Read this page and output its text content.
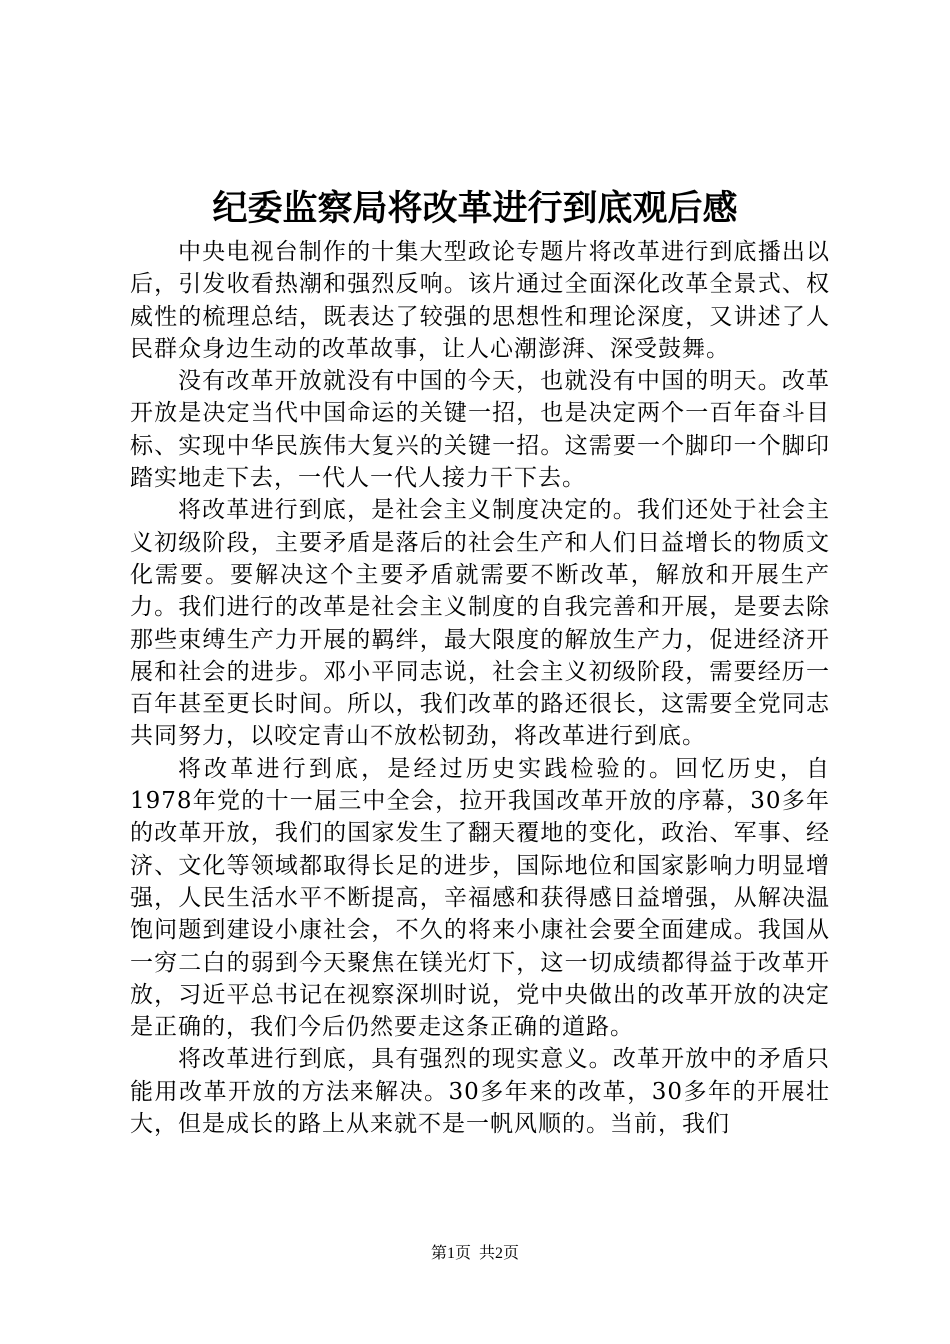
纪委监察局将改革进行到底观后感

中央电视台制作的十集大型政论专题片将改革进行到底播出以后，引发收看热潮和强烈反响。该片通过全面深化改革全景式、权威性的梳理总结，既表达了较强的思想性和理论深度，又讲述了人民群众身边生动的改革故事，让人心潮澎湃、深受鼓舞。

没有改革开放就没有中国的今天，也就没有中国的明天。改革开放是决定当代中国命运的关键一招，也是决定两个一百年奋斗目标、实现中华民族伟大复兴的关键一招。这需要一个脚印一个脚印踏实地走下去，一代人一代人接力干下去。

将改革进行到底，是社会主义制度决定的。我们还处于社会主义初级阶段，主要矛盾是落后的社会生产和人们日益增长的物质文化需要。要解决这个主要矛盾就需要不断改革，解放和开展生产力。我们进行的改革是社会主义制度的自我完善和开展，是要去除那些束缚生产力开展的羁绊，最大限度的解放生产力，促进经济开展和社会的进步。邓小平同志说，社会主义初级阶段，需要经历一百年甚至更长时间。所以，我们改革的路还很长，这需要全党同志共同努力，以咬定青山不放松韧劲，将改革进行到底。

将改革进行到底，是经过历史实践检验的。回忆历史，自1978年党的十一届三中全会，拉开我国改革开放的序幕，30多年的改革开放，我们的国家发生了翻天覆地的变化，政治、军事、经济、文化等领域都取得长足的进步，国际地位和国家影响力明显增强，人民生活水平不断提高，辛福感和获得感日益增强，从解决温饱问题到建设小康社会，不久的将来小康社会要全面建成。我国从一穷二白的弱到今天聚焦在镁光灯下，这一切成绩都得益于改革开放，习近平总书记在视察深圳时说，党中央做出的改革开放的决定是正确的，我们今后仍然要走这条正确的道路。

将改革进行到底，具有强烈的现实意义。改革开放中的矛盾只能用改革开放的方法来解决。30多年来的改革，30多年的开展壮大，但是成长的路上从来就不是一帆风顺的。当前，我们

第1页 共2页
